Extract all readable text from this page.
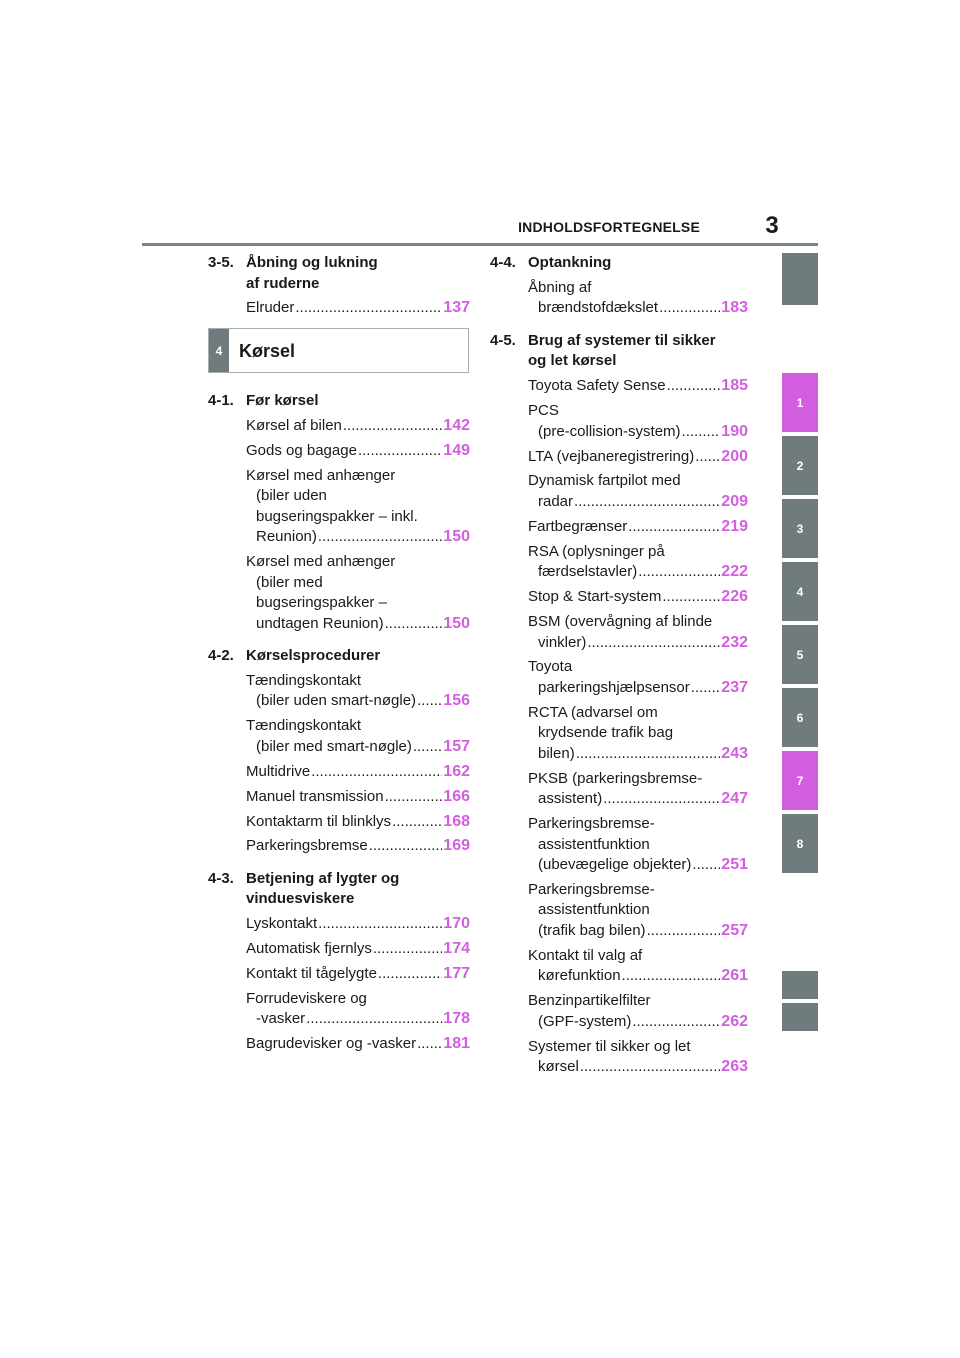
INDHOLDSFORTEGNELSE	3
1
2
3
4
5
6
7
8
3-5. Åbning og lukning
af ruderne
Elruder .....	137
4 Kørsel
4-1. Før kørsel
Kørsel af bilen .....	142
Gods og bagage .....	149
Kørsel med anhænger
(biler uden
bugseringspakker – inkl.
Reunion) .....	150
Kørsel med anhænger
(biler med
bugseringspakker –
undtagen Reunion) .....	150
4-2. Kørselsprocedurer
Tændingskontakt
(biler uden smart-nøgle) ..... 156
Tændingskontakt
(biler med smart-nøgle) ..... 157
Multidrive .....	162
Manuel transmission .....	166
Kontaktarm til blinklys .....	168
Parkeringsbremse .....	169
4-3. Betjening af lygter og
vinduesviskere
Lyskontakt .....	170
Automatisk fjernlys .....	174
Kontakt til tågelygte .....	177
Forrudeviskere og
-vasker .....	178
Bagrudevisker og -vasker ..... 181
4-4. Optankning
Åbning af
brændstofdækslet .....	183
4-5. Brug af systemer til sikker
og let kørsel
Toyota Safety Sense .....	185
PCS
(pre-collision-system) .....	190
LTA (vejbaneregistrering) ..... 200
Dynamisk fartpilot med
radar .....	209
Fartbegrænser .....	219
RSA (oplysninger på
færdselstavler) .....	222
Stop & Start-system .....	226
BSM (overvågning af blinde
vinkler) .....	232
Toyota
parkeringshjælpsensor ..... 237
RCTA (advarsel om
krydsende trafik bag
bilen) .....	243
PKSB (parkeringsbremse-
assistent) .....	247
Parkeringsbremse-
assistentfunktion
(ubevægelige objekter) ..... 251
Parkeringsbremse-
assistentfunktion
(trafik bag bilen) .....	257
Kontakt til valg af
kørefunktion .....	261
Benzinpartikelfilter
(GPF-system) .....	262
Systemer til sikker og let
kørsel .....	263
